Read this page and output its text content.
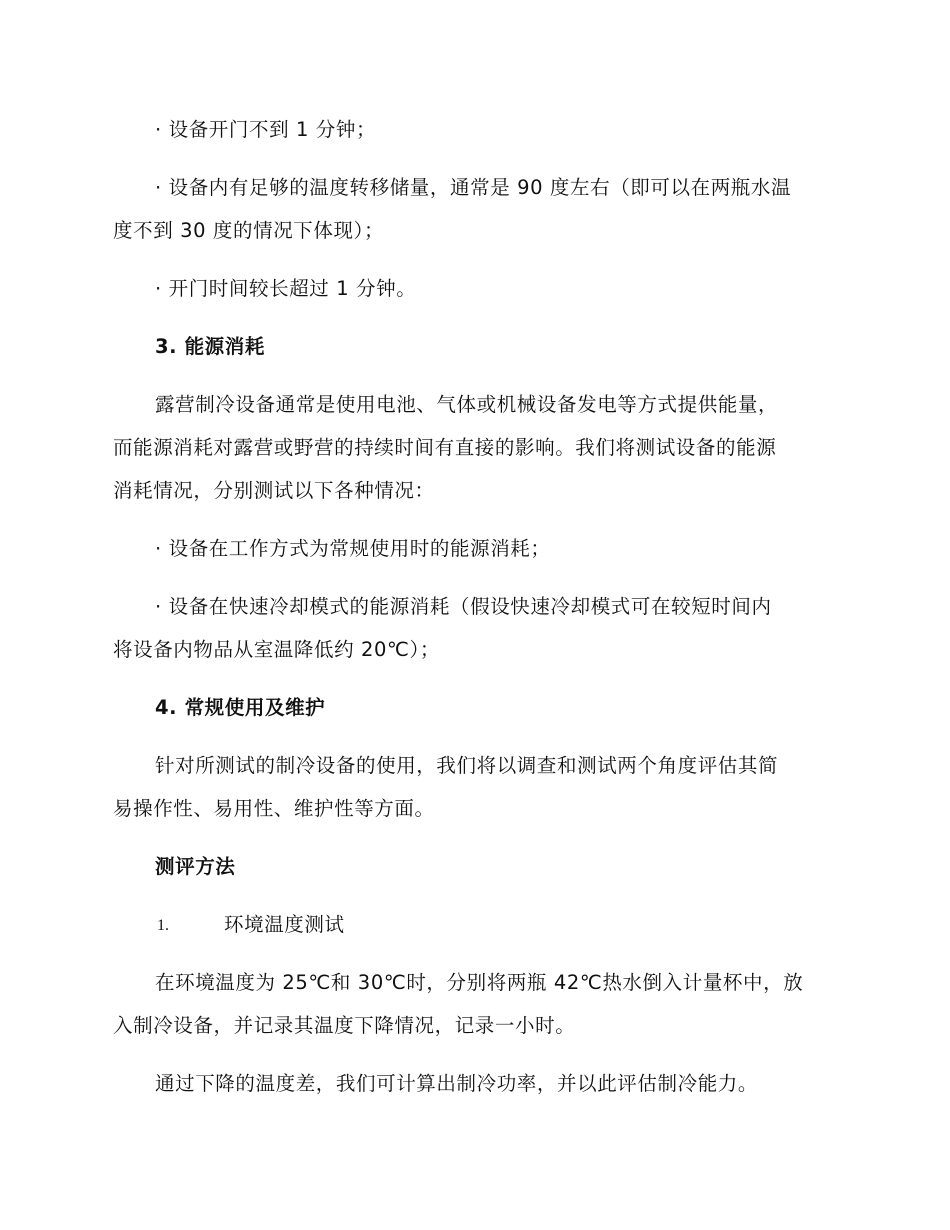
· 设备开门不到 1 分钟；
· 设备内有足够的温度转移储量，通常是 90 度左右（即可以在两瓶水温
度不到 30 度的情况下体现）；
· 开门时间较长超过 1 分钟。
3. 能源消耗
露营制冷设备通常是使用电池、气体或机械设备发电等方式提供能量，
而能源消耗对露营或野营的持续时间有直接的影响。我们将测试设备的能源
消耗情况，分别测试以下各种情况：
· 设备在工作方式为常规使用时的能源消耗；
· 设备在快速冷却模式的能源消耗（假设快速冷却模式可在较短时间内
将设备内物品从室温降低约 20℃）；
4. 常规使用及维护
针对所测试的制冷设备的使用，我们将以调查和测试两个角度评估其简
易操作性、易用性、维护性等方面。
测评方法
1.	环境温度测试
在环境温度为 25℃和 30℃时，分别将两瓶 42℃热水倒入计量杯中，放
入制冷设备，并记录其温度下降情况，记录一小时。
通过下降的温度差，我们可计算出制冷功率，并以此评估制冷能力。
